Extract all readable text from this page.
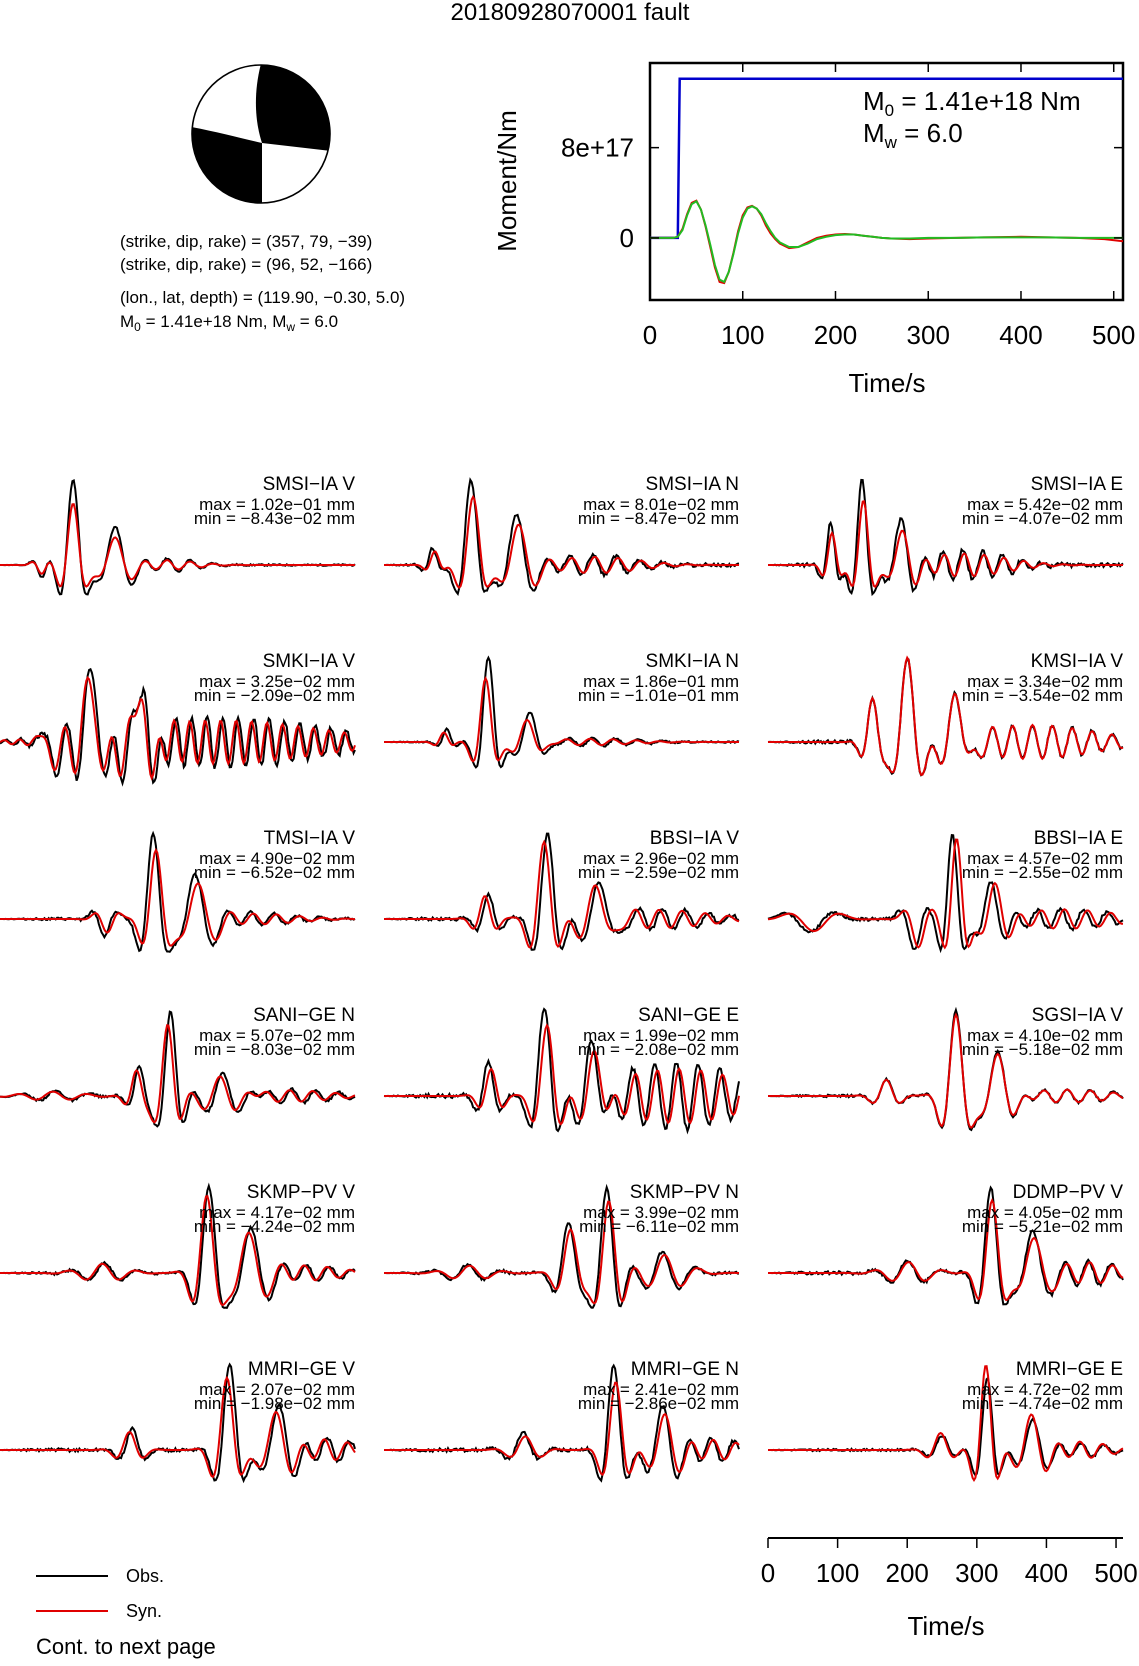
20180928070001 fault
(strike, dip, rake) = (357, 79, −39)
(strike, dip, rake) = (96, 52, −166)
(lon., lat, depth) = (119.90, −0.30, 5.0)
$M_0 = 1.41e+18$ Nm, $M_w = 6.0$	0 100 200 300 400 500
0
8e+17
$M_0 = 1.41e+18$ Nm
$M_w = 6.0$
Moment/Nm
Time/s
SMSI−IA V
max = 1.02e−01 mm
min = −8.43e−02 mm
SMSI−IA N
max = 8.01e−02 mm
min = −8.47e−02 mm
SMSI−IA E
max = 5.42e−02 mm
min = −4.07e−02 mm
SMKI−IA V
max = 3.25e−02 mm
min = −2.09e−02 mm
SMKI−IA N
max = 1.86e−01 mm
min = −1.01e−01 mm
KMSI−IA V
max = 3.34e−02 mm
min = −3.54e−02 mm
TMSI−IA V
max = 4.90e−02 mm
min = −6.52e−02 mm
BBSI−IA V
max = 2.96e−02 mm
min = −2.59e−02 mm
BBSI−IA E
max = 4.57e−02 mm
min = −2.55e−02 mm
SANI−GE N
max = 5.07e−02 mm
min = −8.03e−02 mm
SANI−GE E
max = 1.99e−02 mm
min = −2.08e−02 mm
SGSI−IA V
max = 4.10e−02 mm
min = −5.18e−02 mm
SKMP−PV V
max = 4.17e−02 mm
min = −4.24e−02 mm
SKMP−PV N
max = 3.99e−02 mm
min = −6.11e−02 mm
DDMP−PV V
max = 4.05e−02 mm
min = −5.21e−02 mm
MMRI−GE V
max = 2.07e−02 mm
min = −1.98e−02 mm
MMRI−GE N
max = 2.41e−02 mm
min = −2.86e−02 mm
MMRI−GE E
max = 4.72e−02 mm
min = −4.74e−02 mm
0 100 200 300 400 500
Time/s
Obs.
Syn.
Cont. to next page
